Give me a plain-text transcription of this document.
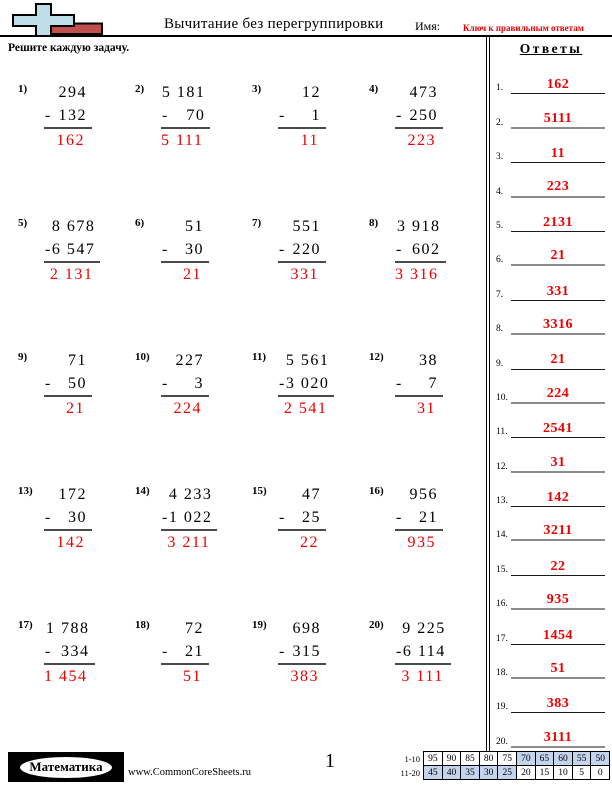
Вычитание без перегруппировки	Имя:	Ключ к правильным ответам
Решите каждую задачу.
1)	294
- 132
162
2) 5 181
- 70
5 111
3)	12
- 1
11
4)	473
- 250
223
5)	8 678
- 6 547
2 131
6)	51
- 30
21
7)	551
- 220
331
8) 3 918
- 602
3 316
9)	71
- 50
21
10)	227
- 3
224
11)	5 561
- 3 020
2 541
12)	38
- 7
31
13)	172
- 30
142
14)	4 233
- 1 022
3 211
15)	47
- 25
22
16)	956
- 21
935
17) 1 788
- 334
1 454
18)	72
- 21
51
19)	698
- 315
383
20)	9 225
- 6 114
3 111
Ответы
1.	162
2.	5111
3.	11
4.	223
5.	2131
6.	21
7.	331
8.	3316
9.	21
10.	224
11.	2541
12.	31
13.	142
14.	3211
15.	22
16.	935
17.	1454
18.	51
19.	383
20.	3111
Математика	www.CommonCoreSheets.ru
1	1-10	95	90	85	80	75	70	65	60	55	50
11-20	45	40	35	30	25	20	15	10	5	0
